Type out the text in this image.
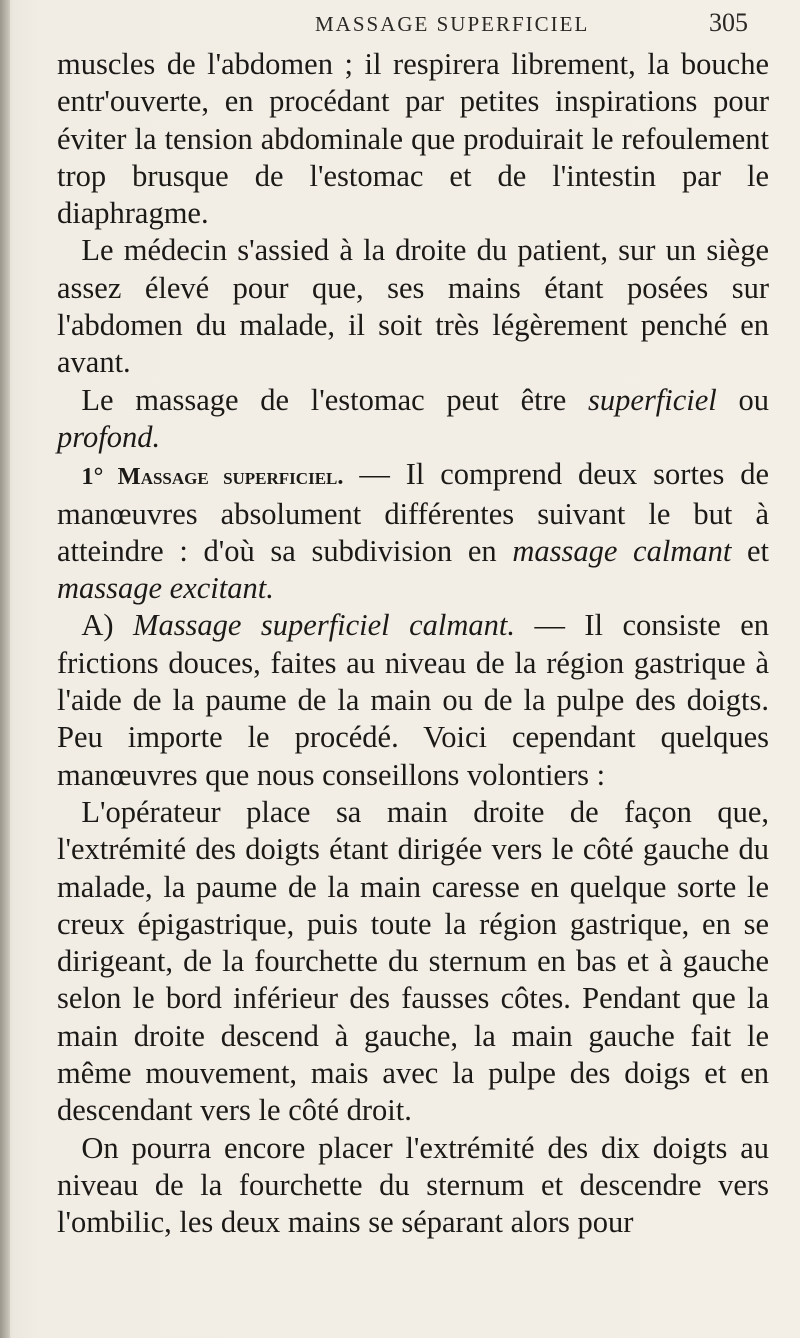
MASSAGE SUPERFICIEL	305

muscles de l'abdomen ; il respirera librement, la bouche entr'ouverte, en procédant par petites inspirations pour éviter la tension abdominale que produirait le refoulement trop brusque de l'estomac et de l'intestin par le diaphragme.

Le médecin s'assied à la droite du patient, sur un siège assez élevé pour que, ses mains étant posées sur l'abdomen du malade, il soit très légèrement penché en avant.

Le massage de l'estomac peut être superficiel ou profond.

1° Massage superficiel. — Il comprend deux sortes de manœuvres absolument différentes suivant le but à atteindre : d'où sa subdivision en massage calmant et massage excitant.

A) Massage superficiel calmant. — Il consiste en frictions douces, faites au niveau de la région gastrique à l'aide de la paume de la main ou de la pulpe des doigts. Peu importe le procédé. Voici cependant quelques manœuvres que nous conseillons volontiers :

L'opérateur place sa main droite de façon que, l'extrémité des doigts étant dirigée vers le côté gauche du malade, la paume de la main caresse en quelque sorte le creux épigastrique, puis toute la région gastrique, en se dirigeant, de la fourchette du sternum en bas et à gauche selon le bord inférieur des fausses côtes. Pendant que la main droite descend à gauche, la main gauche fait le même mouvement, mais avec la pulpe des doigs et en descendant vers le côté droit.

On pourra encore placer l'extrémité des dix doigts au niveau de la fourchette du sternum et descendre vers l'ombilic, les deux mains se séparant alors pour
